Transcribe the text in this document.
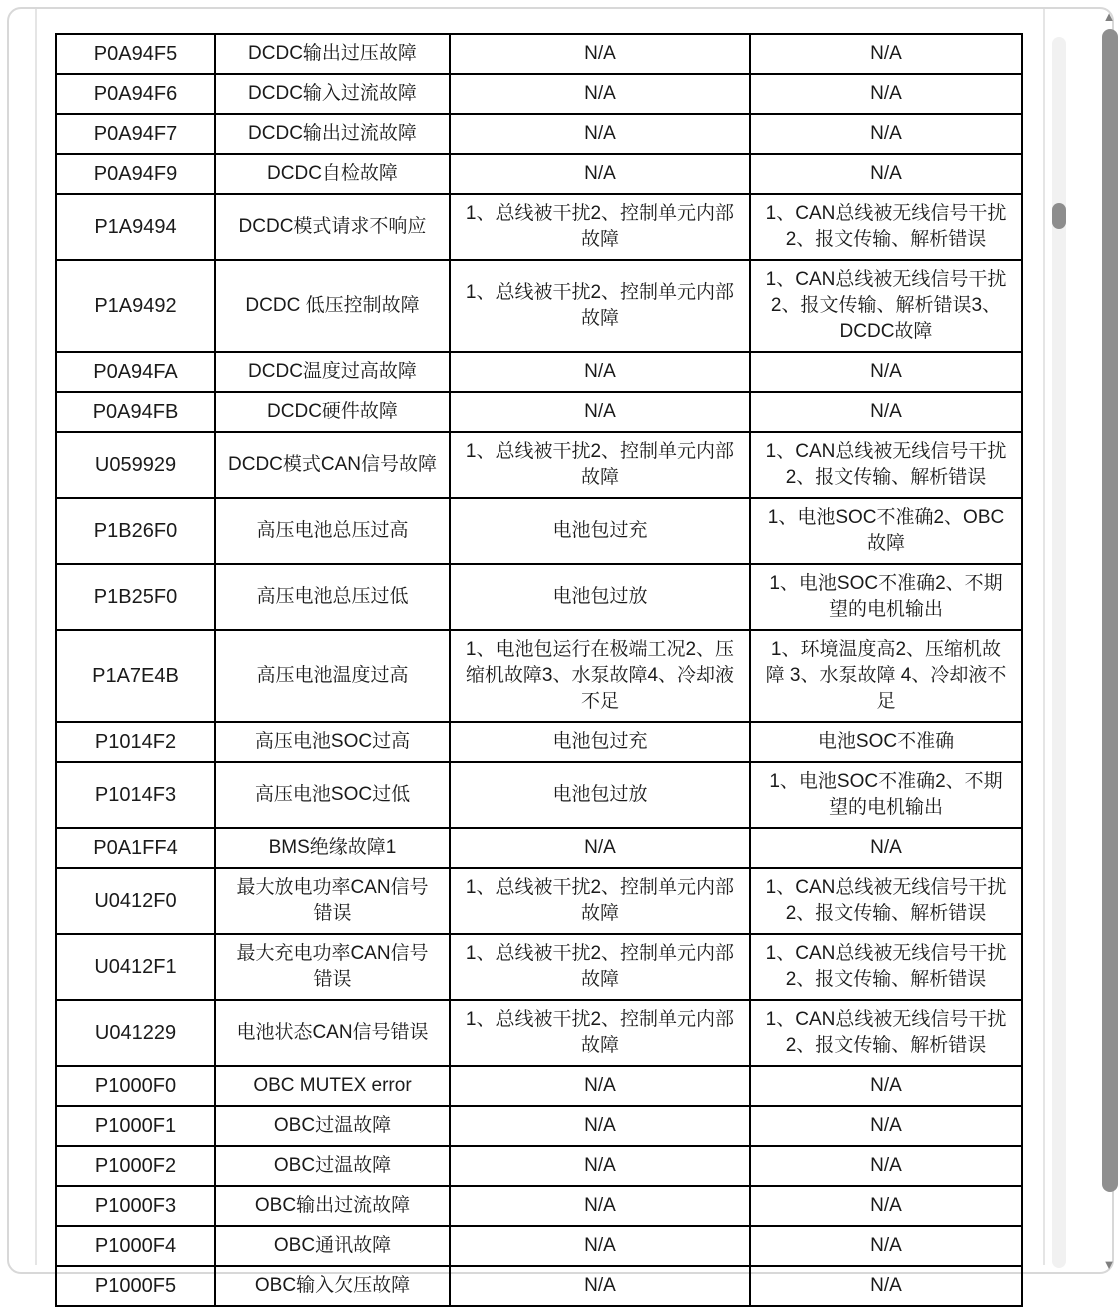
P0A94F5	DCDC输出过压故障	N/A	N/A
P0A94F6	DCDC输入过流故障	N/A	N/A
P0A94F7	DCDC输出过流故障	N/A	N/A
P0A94F9	DCDC自检故障	N/A	N/A
P1A9494	DCDC模式请求不响应	1、总线被干扰2、控制单元内部故障	1、CAN总线被无线信号干扰2、报文传输、解析错误
P1A9492	DCDC 低压控制故障	1、总线被干扰2、控制单元内部故障	1、CAN总线被无线信号干扰2、报文传输、解析错误3、DCDC故障
P0A94FA	DCDC温度过高故障	N/A	N/A
P0A94FB	DCDC硬件故障	N/A	N/A
U059929	DCDC模式CAN信号故障	1、总线被干扰2、控制单元内部故障	1、CAN总线被无线信号干扰2、报文传输、解析错误
P1B26F0	高压电池总压过高	电池包过充	1、电池SOC不准确2、OBC故障
P1B25F0	高压电池总压过低	电池包过放	1、电池SOC不准确2、不期望的电机输出
P1A7E4B	高压电池温度过高	1、电池包运行在极端工况2、压缩机故障3、水泵故障4、冷却液不足	1、环境温度高2、压缩机故障 3、水泵故障 4、冷却液不足
P1014F2	高压电池SOC过高	电池包过充	电池SOC不准确
P1014F3	高压电池SOC过低	电池包过放	1、电池SOC不准确2、不期望的电机输出
P0A1FF4	BMS绝缘故障1	N/A	N/A
U0412F0	最大放电功率CAN信号错误	1、总线被干扰2、控制单元内部故障	1、CAN总线被无线信号干扰2、报文传输、解析错误
U0412F1	最大充电功率CAN信号错误	1、总线被干扰2、控制单元内部故障	1、CAN总线被无线信号干扰2、报文传输、解析错误
U041229	电池状态CAN信号错误	1、总线被干扰2、控制单元内部故障	1、CAN总线被无线信号干扰2、报文传输、解析错误
P1000F0	OBC MUTEX error	N/A	N/A
P1000F1	OBC过温故障	N/A	N/A
P1000F2	OBC过温故障	N/A	N/A
P1000F3	OBC输出过流故障	N/A	N/A
P1000F4	OBC通讯故障	N/A	N/A
P1000F5	OBC输入欠压故障	N/A	N/A
▲
▼
